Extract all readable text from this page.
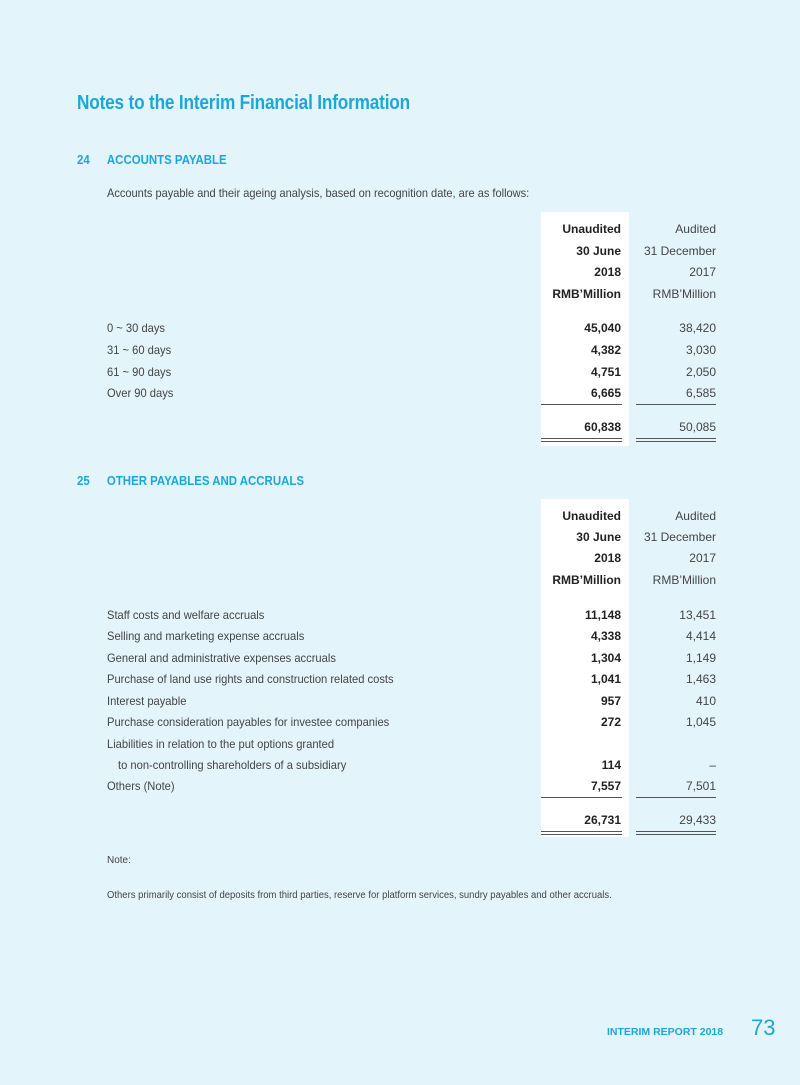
Notes to the Interim Financial Information
24 ACCOUNTS PAYABLE
Accounts payable and their ageing analysis, based on recognition date, are as follows:
Unaudited	Audited
30 June 31 December
2018	2017
RMB’Million	RMB’Million
0 ~ 30 days	45,040	38,420
31 ~ 60 days	4,382	3,030
61 ~ 90 days	4,751	2,050
Over 90 days	6,665	6,585
60,838	50,085
25 OTHER PAYABLES AND ACCRUALS
Unaudited	Audited
30 June 31 December
2018	2017
RMB’Million	RMB’Million
Staff costs and welfare accruals	11,148	13,451
Selling and marketing expense accruals	4,338	4,414
General and administrative expenses accruals	1,304	1,149
Purchase of land use rights and construction related costs	1,041	1,463
Interest payable	957	410
Purchase consideration payables for investee companies	272	1,045
Liabilities in relation to the put options granted
to non-controlling shareholders of a subsidiary	114	–
Others (Note)	7,557	7,501
26,731	29,433
Note:
Others primarily consist of deposits from third parties, reserve for platform services, sundry payables and other accruals.
INTERIM REPORT 2018 73
